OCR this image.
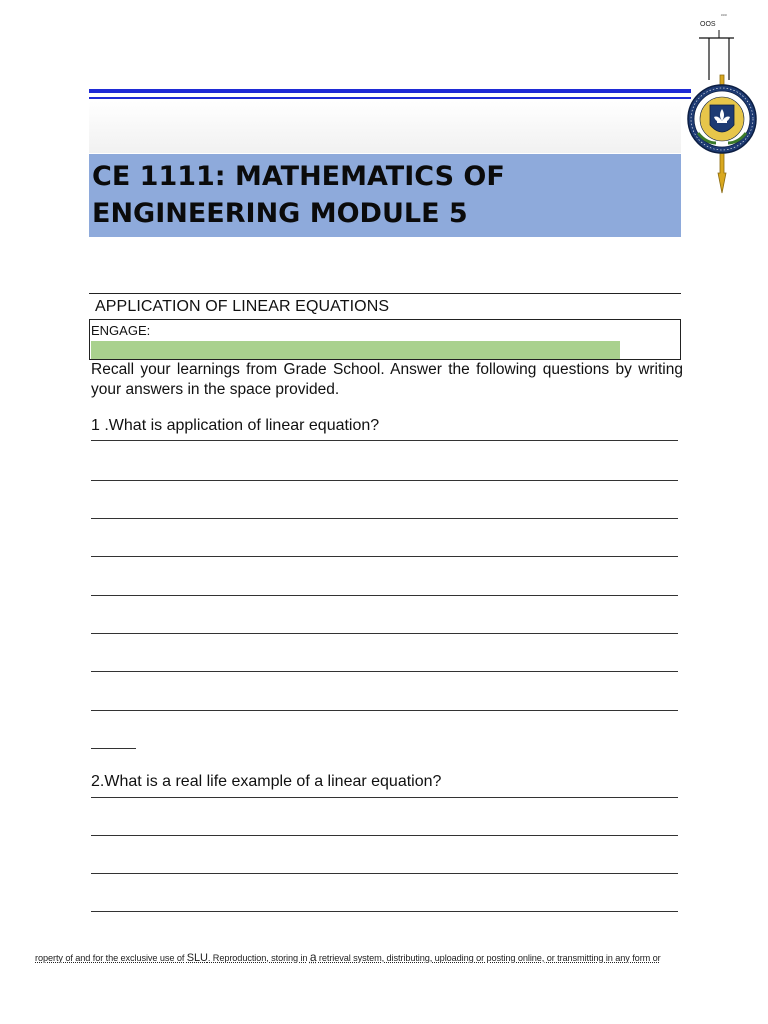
ccc
OOS
CE 1111: MATHEMATICS OF
ENGINEERING MODULE 5
APPLICATION OF LINEAR EQUATIONS
ENGAGE:
Recall your learnings from Grade School. Answer the following questions by writing your answers in the space provided.
1 .What is application of linear equation?
2.What is a real life example of a linear equation?
roperty of and for the exclusive use of SLU. Reproduction, storing in a retrieval system, distributing, uploading or posting online, or transmitting in any form or
